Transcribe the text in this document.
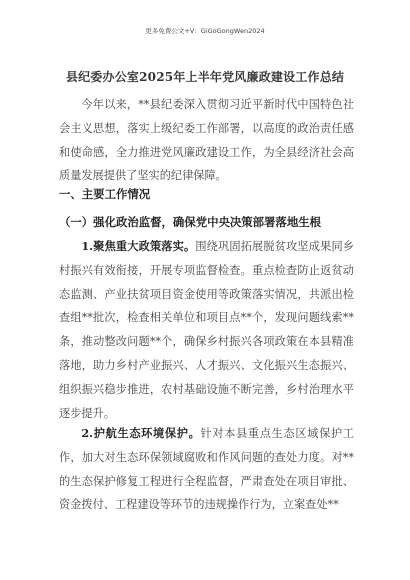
更多免费公文+V：GiGoGongWen2024
县纪委办公室2025年上半年党风廉政建设工作总结

今年以来，**县纪委深入贯彻习近平新时代中国特色社会主义思想，落实上级纪委工作部署，以高度的政治责任感和使命感，全力推进党风廉政建设工作，为全县经济社会高质量发展提供了坚实的纪律保障。

一、主要工作情况
（一）强化政治监督，确保党中央决策部署落地生根

1.聚焦重大政策落实。围绕巩固拓展脱贫攻坚成果同乡村振兴有效衔接，开展专项监督检查。重点检查防止返贫动态监测、产业扶贫项目资金使用等政策落实情况，共派出检查组**批次，检查相关单位和项目点**个，发现问题线索**条，推动整改问题**个，确保乡村振兴各项政策在本县精准落地，助力乡村产业振兴、人才振兴、文化振兴生态振兴、组织振兴稳步推进，农村基础设施不断完善，乡村治理水平逐步提升。

2.护航生态环境保护。针对本县重点生态区域保护工作，加大对生态环保领域腐败和作风问题的查处力度。对**的生态保护修复工程进行全程监督，严肃查处在项目审批、资金拨付、工程建设等环节的违规操作行为，立案查处**
